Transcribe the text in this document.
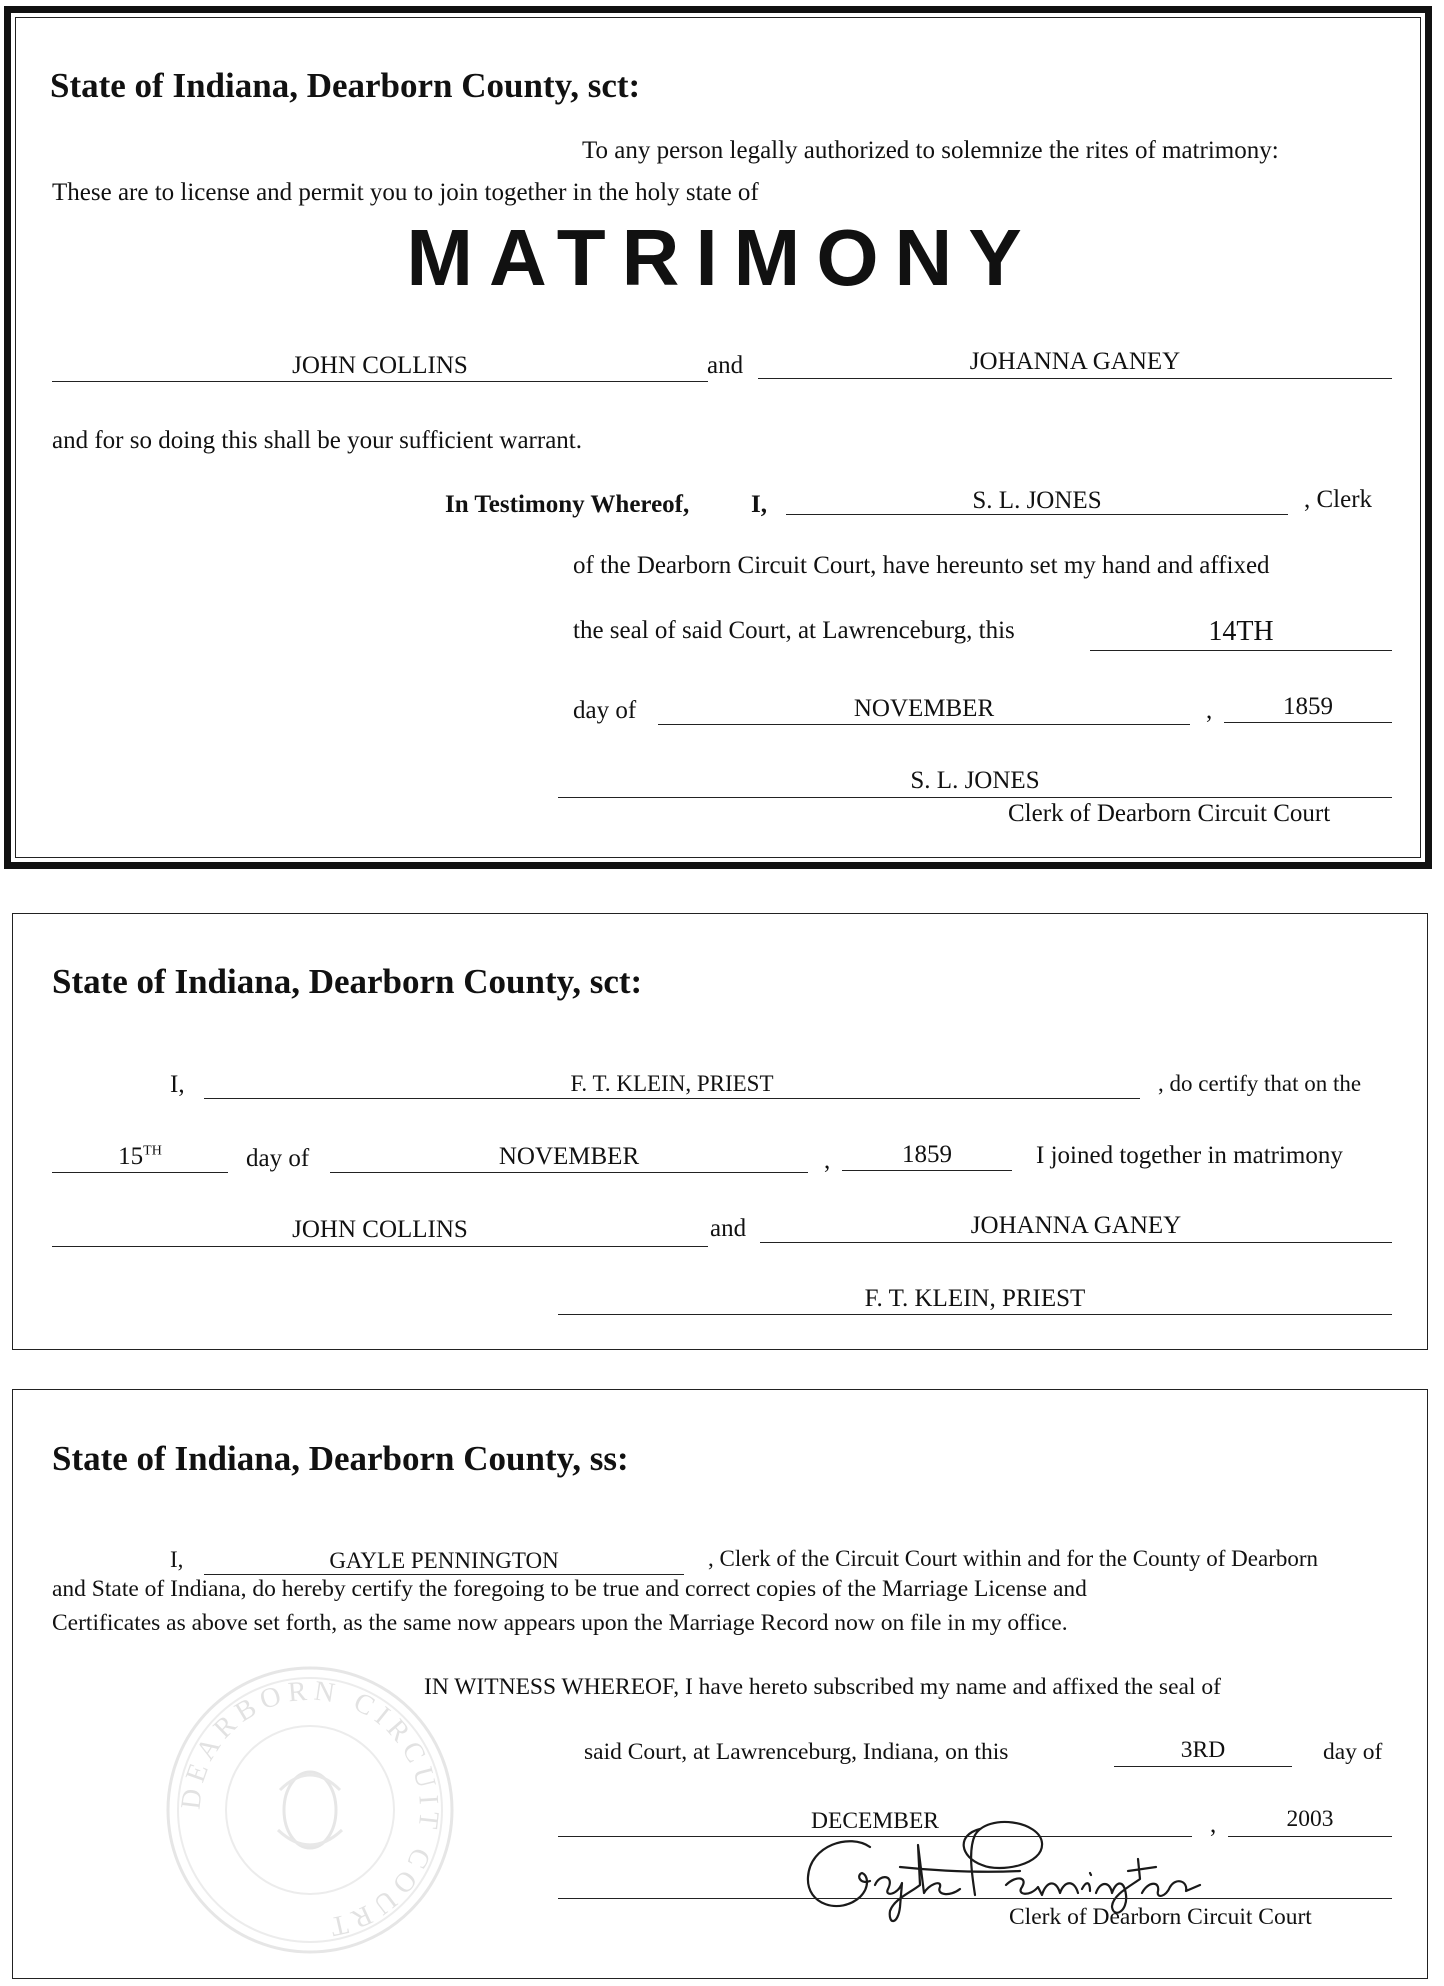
State of Indiana, Dearborn County, sct:
To any person legally authorized to solemnize the rites of matrimony:
These are to license and permit you to join together in the holy state of
MATRIMONY
JOHN COLLINS	and	JOHANNA GANEY
and for so doing this shall be your sufficient warrant.
In Testimony Whereof, I,	S. L. JONES	, Clerk
of the Dearborn Circuit Court, have hereunto set my hand and affixed
the seal of said Court, at Lawrenceburg, this	14TH
day of	NOVEMBER	,	1859
S. L. JONES
Clerk of Dearborn Circuit Court
State of Indiana, Dearborn County, sct:
I,	F. T. KLEIN, PRIEST	, do certify that on the
15TH	day of	NOVEMBER	,	1859	I joined together in matrimony
JOHN COLLINS	and	JOHANNA GANEY
F. T. KLEIN, PRIEST
State of Indiana, Dearborn County, ss:
I,	GAYLE PENNINGTON	, Clerk of the Circuit Court within and for the County of Dearborn
and State of Indiana, do hereby certify the foregoing to be true and correct copies of the Marriage License and
Certificates as above set forth, as the same now appears upon the Marriage Record now on file in my office.
IN WITNESS WHEREOF, I have hereto subscribed my name and affixed the seal of
said Court, at Lawrenceburg, Indiana, on this	3RD	day of
DECEMBER	,	2003
DEARBORN CIRCUIT COURT	Clerk of Dearborn Circuit Court
